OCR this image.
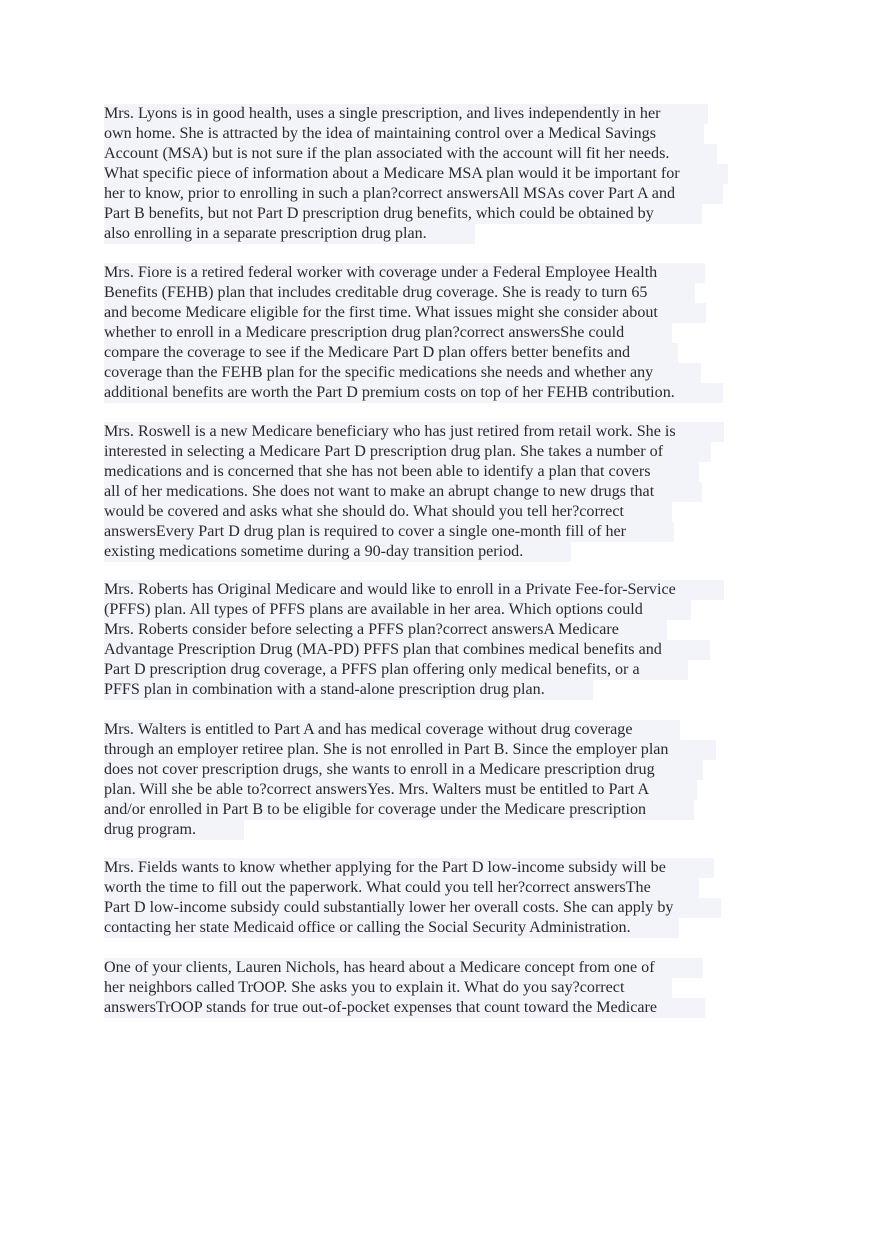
Mrs. Lyons is in good health, uses a single prescription, and lives independently in her
own home. She is attracted by the idea of maintaining control over a Medical Savings
Account (MSA) but is not sure if the plan associated with the account will fit her needs.
What specific piece of information about a Medicare MSA plan would it be important for
her to know, prior to enrolling in such a plan?correct answersAll MSAs cover Part A and
Part B benefits, but not Part D prescription drug benefits, which could be obtained by
also enrolling in a separate prescription drug plan.
Mrs. Fiore is a retired federal worker with coverage under a Federal Employee Health
Benefits (FEHB) plan that includes creditable drug coverage. She is ready to turn 65
and become Medicare eligible for the first time. What issues might she consider about
whether to enroll in a Medicare prescription drug plan?correct answersShe could
compare the coverage to see if the Medicare Part D plan offers better benefits and
coverage than the FEHB plan for the specific medications she needs and whether any
additional benefits are worth the Part D premium costs on top of her FEHB contribution.
Mrs. Roswell is a new Medicare beneficiary who has just retired from retail work. She is
interested in selecting a Medicare Part D prescription drug plan. She takes a number of
medications and is concerned that she has not been able to identify a plan that covers
all of her medications. She does not want to make an abrupt change to new drugs that
would be covered and asks what she should do. What should you tell her?correct
answersEvery Part D drug plan is required to cover a single one-month fill of her
existing medications sometime during a 90-day transition period.
Mrs. Roberts has Original Medicare and would like to enroll in a Private Fee-for-Service
(PFFS) plan. All types of PFFS plans are available in her area. Which options could
Mrs. Roberts consider before selecting a PFFS plan?correct answersA Medicare
Advantage Prescription Drug (MA-PD) PFFS plan that combines medical benefits and
Part D prescription drug coverage, a PFFS plan offering only medical benefits, or a
PFFS plan in combination with a stand-alone prescription drug plan.
Mrs. Walters is entitled to Part A and has medical coverage without drug coverage
through an employer retiree plan. She is not enrolled in Part B. Since the employer plan
does not cover prescription drugs, she wants to enroll in a Medicare prescription drug
plan. Will she be able to?correct answersYes. Mrs. Walters must be entitled to Part A
and/or enrolled in Part B to be eligible for coverage under the Medicare prescription
drug program.
Mrs. Fields wants to know whether applying for the Part D low-income subsidy will be
worth the time to fill out the paperwork. What could you tell her?correct answersThe
Part D low-income subsidy could substantially lower her overall costs. She can apply by
contacting her state Medicaid office or calling the Social Security Administration.
One of your clients, Lauren Nichols, has heard about a Medicare concept from one of
her neighbors called TrOOP. She asks you to explain it. What do you say?correct
answersTrOOP stands for true out-of-pocket expenses that count toward the Medicare
